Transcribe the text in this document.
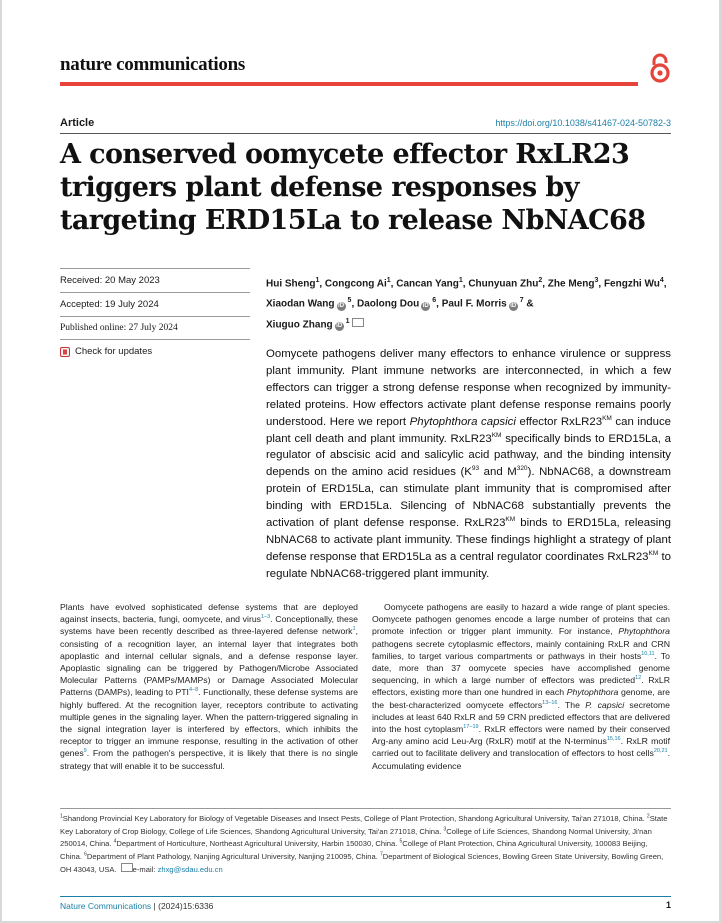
nature communications
Article	https://doi.org/10.1038/s41467-024-50782-3
A conserved oomycete effector RxLR23 triggers plant defense responses by targeting ERD15La to release NbNAC68
Received: 20 May 2023
Accepted: 19 July 2024
Published online: 27 July 2024
Check for updates
Hui Sheng$^1$, Congcong Ai$^1$, Cancan Yang$^1$, Chunyuan Zhu$^2$, Zhe Meng$^3$, Fengzhi Wu$^4$, Xiaodan Wang $iD^5$, Daolong Dou $iD^6$, Paul F. Morris $iD^7$ &
Xiuguo Zhang $iD^1$

Oomycete pathogens deliver many effectors to enhance virulence or suppress plant immunity. Plant immune networks are interconnected, in which a few effectors can trigger a strong defense response when recognized by immunity-related proteins. How effectors activate plant defense response remains poorly understood. Here we report Phytophthora capsici effector $RxLR23^{KM}$ can induce plant cell death and plant immunity. $RxLR23^{KM}$ specifically binds to ERD15La, a regulator of abscisic acid and salicylic acid pathway, and the binding intensity depends on the amino acid residues ($K^{93}$ and $M^{320}$). NbNAC68, a downstream protein of ERD15La, can stimulate plant immunity that is compromised after binding with ERD15La. Silencing of NbNAC68 substantially prevents the activation of plant defense response. $RxLR23^{KM}$ binds to ERD15La, releasing NbNAC68 to activate plant immunity. These findings highlight a strategy of plant defense response that ERD15La as a central regulator coordinates $RxLR23^{KM}$ to regulate NbNAC68-triggered plant immunity.

Plants have evolved sophisticated defense systems that are deployed against insects, bacteria, fungi, oomycete, and virus$^{1-3}$. Conceptionally, these systems have been recently described as three-layered defense network$^1$, consisting of a recognition layer, an internal layer that integrates both apoplastic and internal cellular signals, and a defense response layer. Apoplastic signaling can be triggered by Pathogen/Microbe Associated Molecular Patterns (PAMPs/MAMPs) or Damage Associated Molecular Patterns (DAMPs), leading to PTI$^{4-8}$. Functionally, these defense systems are highly buffered. At the recognition layer, receptors contribute to activating multiple genes in the signaling layer. When the pattern-triggered signaling in the signal integration layer is interfered by effectors, which inhibits the receptor to trigger an immune response, resulting in the activation of other genes$^9$. From the pathogen's perspective, it is likely that there is no single strategy that will enable it to be successful.

Oomycete pathogens are easily to hazard a wide range of plant species. Oomycete pathogen genomes encode a large number of proteins that can promote infection or trigger plant immunity. For instance, Phytophthora pathogens secrete cytoplasmic effectors, mainly containing RxLR and CRN families, to target various compartments or pathways in their hosts$^{10,11}$. To date, more than 37 oomycete species have accomplished genome sequencing, in which a large number of effectors was predicted$^{12}$. RxLR effectors, existing more than one hundred in each Phytophthora genome, are the best-characterized oomycete effectors$^{13-16}$. The P. capsici secretome includes at least 640 RxLR and 59 CRN predicted effectors that are delivered into the host cytoplasm$^{17-19}$. RxLR effectors were named by their conserved Arg-any amino acid Leu-Arg (RxLR) motif at the N-terminus$^{15,16}$. RxLR motif carried out to facilitate delivery and translocation of effectors to host cells$^{20,21}$. Accumulating evidence

$^1$Shandong Provincial Key Laboratory for Biology of Vegetable Diseases and Insect Pests, College of Plant Protection, Shandong Agricultural University, Tai'an 271018, China. $^2$State Key Laboratory of Crop Biology, College of Life Sciences, Shandong Agricultural University, Tai'an 271018, China. $^3$College of Life Sciences, Shandong Normal University, Ji'nan 250014, China. $^4$Department of Horticulture, Northeast Agricultural University, Harbin 150030, China. $^5$College of Plant Protection, China Agricultural University, 100083 Beijing, China. $^6$Department of Plant Pathology, Nanjing Agricultural University, Nanjing 210095, China. $^7$Department of Biological Sciences, Bowling Green State University, Bowling Green, OH 43043, USA. e-mail: zhxg@sdau.edu.cn

Nature Communications | (2024)15:6336	1
